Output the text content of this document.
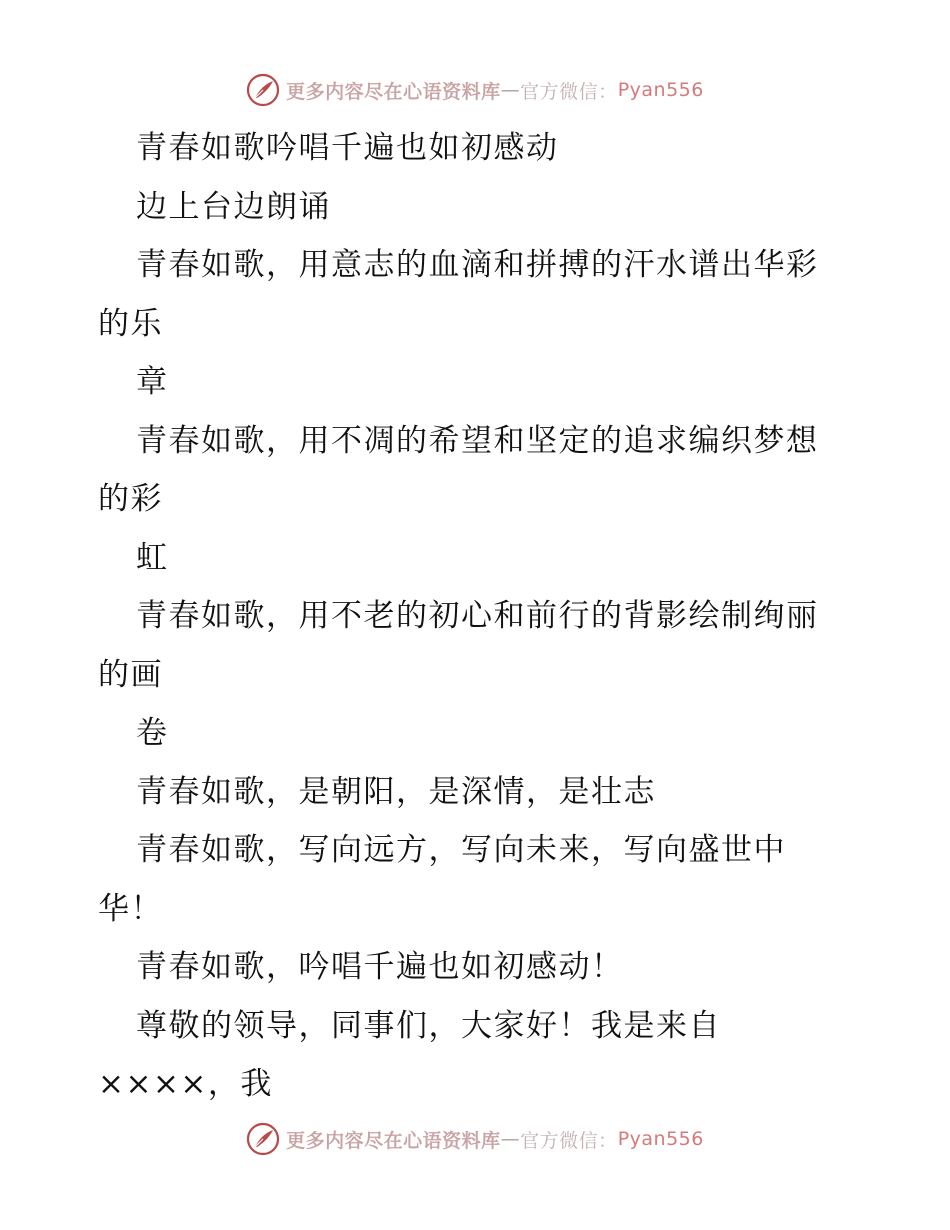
更多内容尽在心语资料库 — 官方微信： Pyan556
青春如歌吟唱千遍也如初感动
边上台边朗诵
青春如歌，用意志的血滴和拼搏的汗水谱出华彩
的乐
章
青春如歌，用不凋的希望和坚定的追求编织梦想
的彩
虹
青春如歌，用不老的初心和前行的背影绘制绚丽
的画
卷
青春如歌，是朝阳，是深情，是壮志
青春如歌，写向远方，写向未来，写向盛世中
华！
青春如歌，吟唱千遍也如初感动！
尊敬的领导，同事们，大家好！我是来自
××××，我
更多内容尽在心语资料库 — 官方微信： Pyan556
